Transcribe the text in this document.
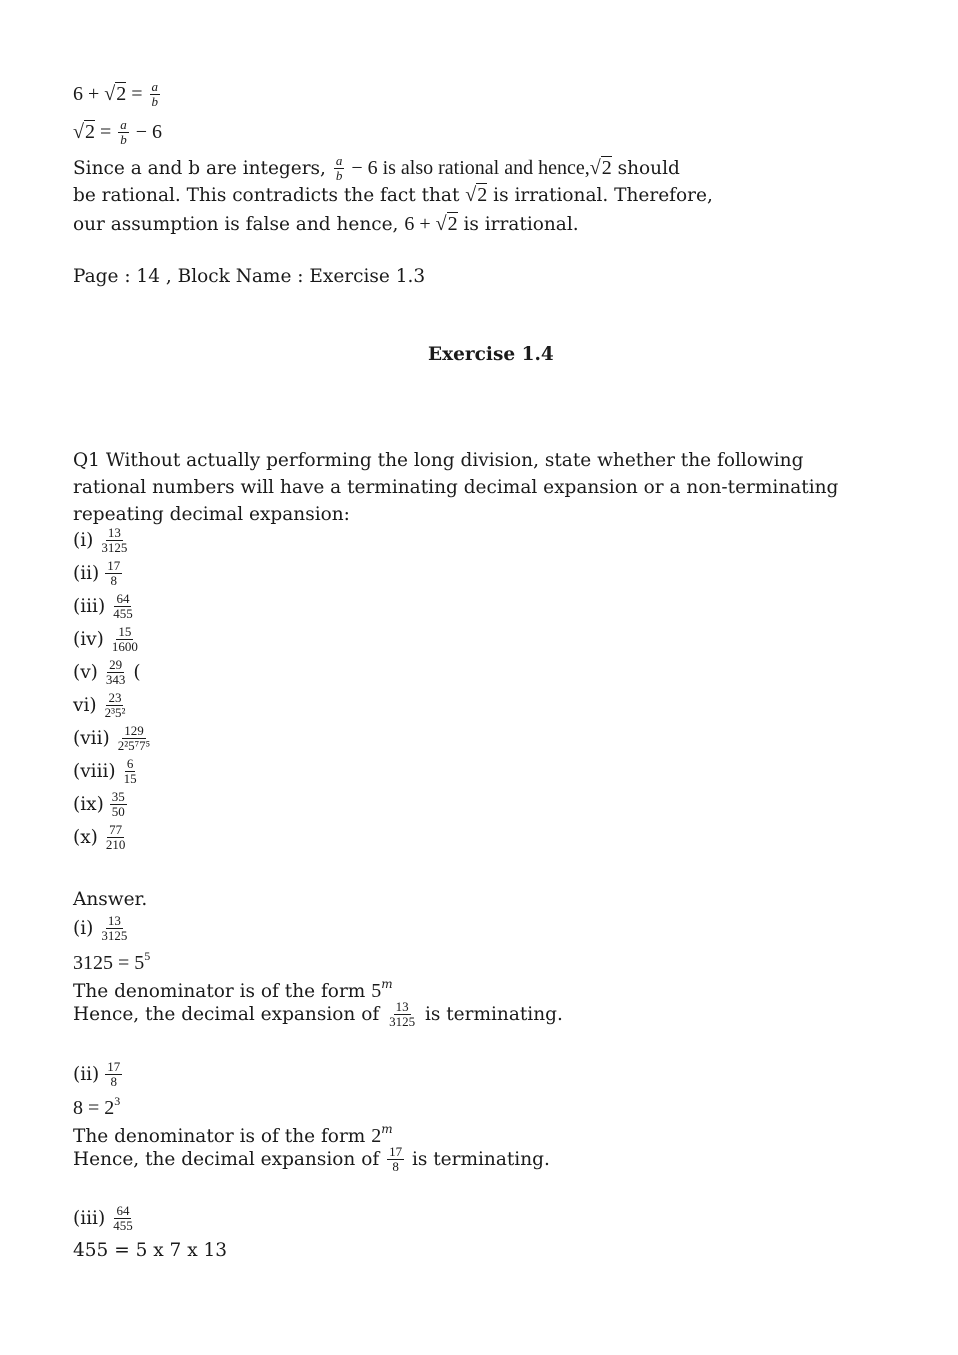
$6 + √2 = \frac{a}{b}$
$√2 = \frac{a}{b} - 6$
Since a and b are integers, $\frac{a}{b} - 6$ is also rational and hence,√2 should
be rational. This contradicts the fact that √2 is irrational. Therefore,
our assumption is false and hence, 6 + √2 is irrational.
Page : 14 , Block Name : Exercise 1.3
Exercise 1.4
Q1 Without actually performing the long division, state whether the following rational numbers will have a terminating decimal expansion or a non-terminating repeating decimal expansion:
$(i) \frac{13}{3125}$
$(ii) \frac{17}{8}$
$(iii) \frac{64}{455}$
$(iv) \frac{15}{1600}$
$(v) \frac{29}{343}$ (
$vi) \frac{23}{\text{2³5²}}$
$(vii) \frac{129}{\text{2²5⁷7⁵}}$
(viii) $\frac{6}{15}$
$(ix) \frac{35}{50}$
$(x) \frac{77}{210}$
Answer.
$(i) \frac{13}{3125}$
$3125 = 5^5$
The denominator is of the form 5$^m$
Hence, the decimal expansion of $\frac{13}{3125}$ is terminating.
$(ii) \frac{17}{8}$
$8 = 2^3$
The denominator is of the form 2$^m$
Hence, the decimal expansion of $\frac{17}{8}$ is terminating.
$(iii) \frac{64}{455}$
455 = 5 x 7 x 13
